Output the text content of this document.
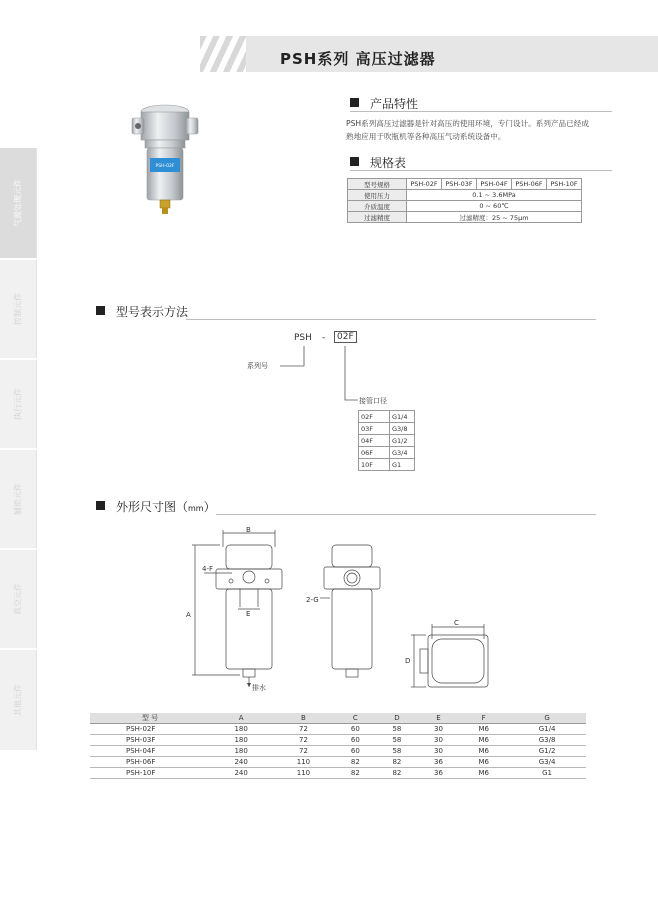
PSH系列 高压过滤器
气源处理元件
控制元件
执行元件
辅助元件
真空元件
其他元件
PSH-02F
产品特性
PSH系列高压过滤器是针对高压的使用环境，专门设计。系列产品已经成熟地应用于吹瓶机等各种高压气动系统设备中。
规格表
型号规格	PSH-02F	PSH-03F	PSH-04F	PSH-06F	PSH-10F
使用压力	0.1 ~ 3.6MPa				
介质温度	0 ~ 60℃				
过滤精度	过滤精度：25 ~ 75μm				
型号表示方法
PSH -	02F
系列号
接管口径
02F	G1/4
03F	G3/8
04F	G1/2
06F	G3/4
10F	G1
外形尺寸图（mm）
B
A
4-F
E
排水
2-G
C
D
型 号	A	B	C	D	E	F	G
PSH-02F	180	72	60	58	30	M6	G1/4
PSH-03F	180	72	60	58	30	M6	G3/8
PSH-04F	180	72	60	58	30	M6	G1/2
PSH-06F	240	110	82	82	36	M6	G3/4
PSH-10F	240	110	82	82	36	M6	G1
